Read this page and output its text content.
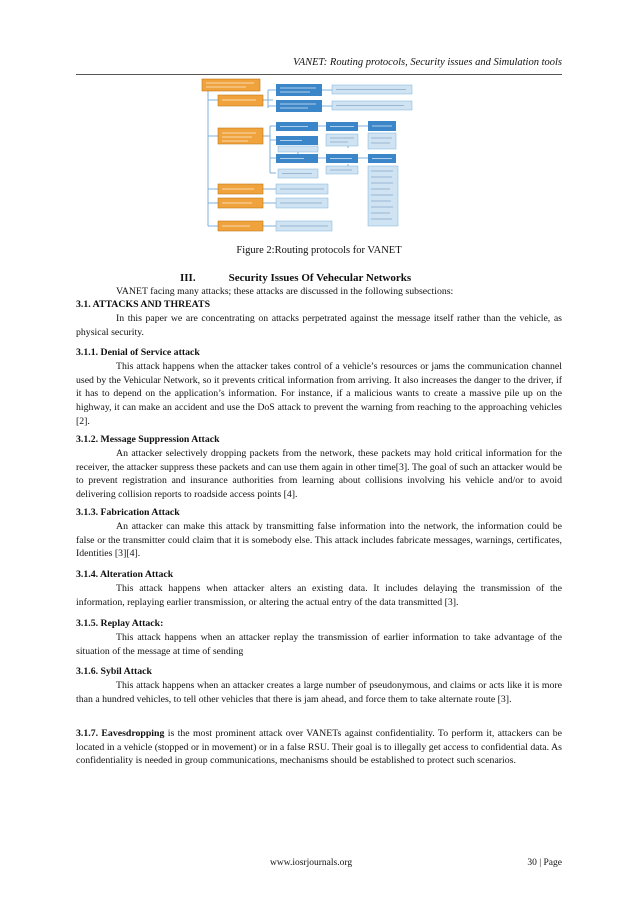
VANET: Routing protocols, Security issues and Simulation tools
Figure 2:Routing protocols for VANET
III.	Security Issues Of Vehecular Networks
VANET facing many attacks; these attacks are discussed in the following subsections:
3.1. ATTACKS AND THREATS
In this paper we are concentrating on attacks perpetrated against the message itself rather than the vehicle, as physical security.
3.1.1. Denial of Service attack
This attack happens when the attacker takes control of a vehicle’s resources or jams the communication channel used by the Vehicular Network, so it prevents critical information from arriving. It also increases the danger to the driver, if it has to depend on the application’s information. For instance, if a malicious wants to create a massive pile up on the highway, it can make an accident and use the DoS attack to prevent the warning from reaching to the approaching vehicles [2].
3.1.2. Message Suppression Attack
An attacker selectively dropping packets from the network, these packets may hold critical information for the receiver, the attacker suppress these packets and can use them again in other time[3]. The goal of such an attacker would be to prevent registration and insurance authorities from learning about collisions involving his vehicle and/or to avoid delivering collision reports to roadside access points [4].
3.1.3. Fabrication Attack
An attacker can make this attack by transmitting false information into the network, the information could be false or the transmitter could claim that it is somebody else. This attack includes fabricate messages, warnings, certificates, Identities [3][4].
3.1.4. Alteration Attack
This attack happens when attacker alters an existing data. It includes delaying the transmission of the information, replaying earlier transmission, or altering the actual entry of the data transmitted [3].
3.1.5. Replay Attack:
This attack happens when an attacker replay the transmission of earlier information to take advantage of the situation of the message at time of sending
3.1.6. Sybil Attack
This attack happens when an attacker creates a large number of pseudonymous, and claims or acts like it is more than a hundred vehicles, to tell other vehicles that there is jam ahead, and force them to take alternate route [3].
3.1.7. Eavesdropping is the most prominent attack over VANETs against confidentiality. To perform it, attackers can be located in a vehicle (stopped or in movement) or in a false RSU. Their goal is to illegally get access to confidential data. As confidentiality is needed in group communications, mechanisms should be established to protect such scenarios.
www.iosrjournals.org	30 | Page
